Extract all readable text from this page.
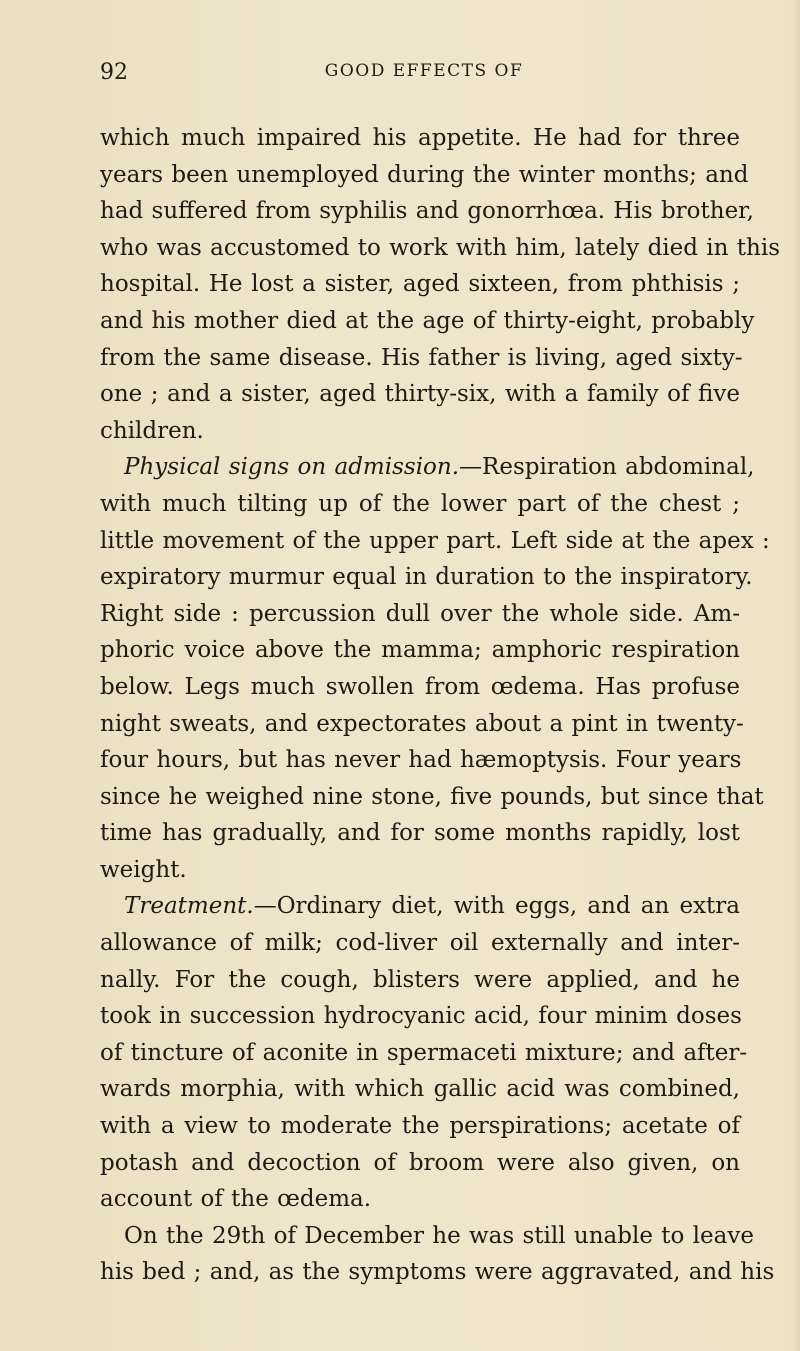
92	GOOD EFFECTS OF
which much impaired his appetite. He had for three
years been unemployed during the winter months; and
had suffered from syphilis and gonorrhœa. His brother,
who was accustomed to work with him, lately died in this
hospital. He lost a sister, aged sixteen, from phthisis ;
and his mother died at the age of thirty-eight, probably
from the same disease. His father is living, aged sixty-
one ; and a sister, aged thirty-six, with a family of five
children.
Physical signs on admission.—Respiration abdominal,
with much tilting up of the lower part of the chest ;
little movement of the upper part. Left side at the apex :
expiratory murmur equal in duration to the inspiratory.
Right side : percussion dull over the whole side. Am-
phoric voice above the mamma; amphoric respiration
below. Legs much swollen from œdema. Has profuse
night sweats, and expectorates about a pint in twenty-
four hours, but has never had hæmoptysis. Four years
since he weighed nine stone, five pounds, but since that
time has gradually, and for some months rapidly, lost
weight.
Treatment.—Ordinary diet, with eggs, and an extra
allowance of milk; cod-liver oil externally and inter-
nally. For the cough, blisters were applied, and he
took in succession hydrocyanic acid, four minim doses
of tincture of aconite in spermaceti mixture; and after-
wards morphia, with which gallic acid was combined,
with a view to moderate the perspirations; acetate of
potash and decoction of broom were also given, on
account of the œdema.
On the 29th of December he was still unable to leave
his bed ; and, as the symptoms were aggravated, and his
